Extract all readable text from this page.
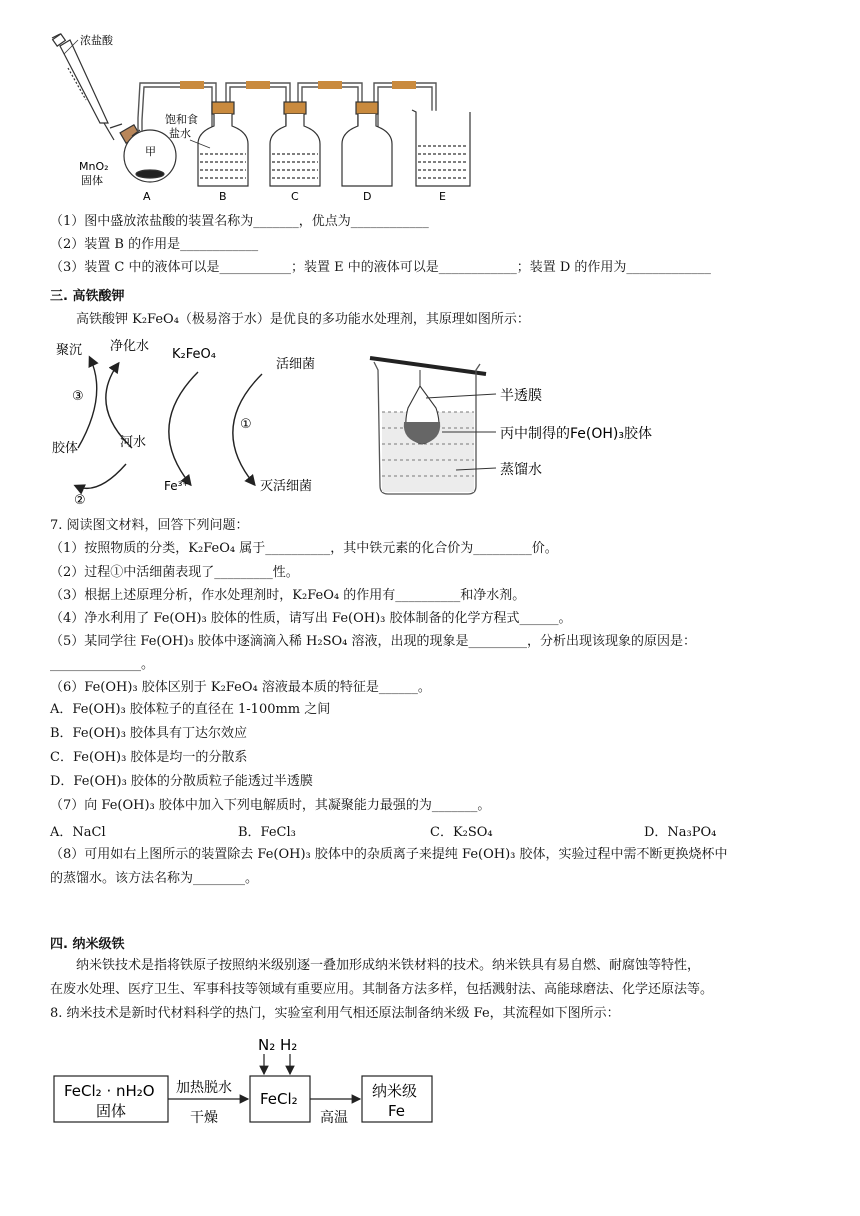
浓盐酸
饱和食
盐水
甲
MnO₂
固体
A	B	C	D	E
（1）图中盛放浓盐酸的装置名称为_______，优点为____________
（2）装置 B 的作用是____________
（3）装置 C 中的液体可以是___________；装置 E 中的液体可以是____________；装置 D 的作用为_____________
三. 高铁酸钾
高铁酸钾 K₂FeO₄（极易溶于水）是优良的多功能水处理剂，其原理如图所示：
聚沉 净化水
K₂FeO₄
活细菌
③
①
胶体	河水
Fe³⁺	灭活细菌
②
半透膜
丙中制得的Fe(OH)₃胶体
蒸馏水
7. 阅读图文材料，回答下列问题：
（1）按照物质的分类，K₂FeO₄ 属于__________，其中铁元素的化合价为_________价。
（2）过程①中活细菌表现了_________性。
（3）根据上述原理分析，作水处理剂时，K₂FeO₄ 的作用有__________和净水剂。
（4）净水利用了 Fe(OH)₃ 胶体的性质，请写出 Fe(OH)₃ 胶体制备的化学方程式______。
（5）某同学往 Fe(OH)₃ 胶体中逐滴滴入稀 H₂SO₄ 溶液，出现的现象是_________，分析出现该现象的原因是：
______________。
（6）Fe(OH)₃ 胶体区别于 K₂FeO₄ 溶液最本质的特征是______。
A．Fe(OH)₃ 胶体粒子的直径在 1-100mm 之间
B．Fe(OH)₃ 胶体具有丁达尔效应
C．Fe(OH)₃ 胶体是均一的分散系
D．Fe(OH)₃ 胶体的分散质粒子能透过半透膜
（7）向 Fe(OH)₃ 胶体中加入下列电解质时，其凝聚能力最强的为_______。
A．NaCl	B．FeCl₃	C．K₂SO₄	D．Na₃PO₄
（8）可用如右上图所示的装置除去 Fe(OH)₃ 胶体中的杂质离子来提纯 Fe(OH)₃ 胶体，实验过程中需不断更换烧杯中
的蒸馏水。该方法名称为________。
四. 纳米级铁
纳米铁技术是指将铁原子按照纳米级别逐一叠加形成纳米铁材料的技术。纳米铁具有易自燃、耐腐蚀等特性，
在废水处理、医疗卫生、军事科技等领域有重要应用。其制备方法多样，包括溅射法、高能球磨法、化学还原法等。
8. 纳米技术是新时代材料科学的热门，实验室利用气相还原法制备纳米级 Fe，其流程如下图所示：
FeCl₂ · nH₂O
固体
加热脱水
干燥
N₂ H₂
FeCl₂
高温
纳米级
Fe
